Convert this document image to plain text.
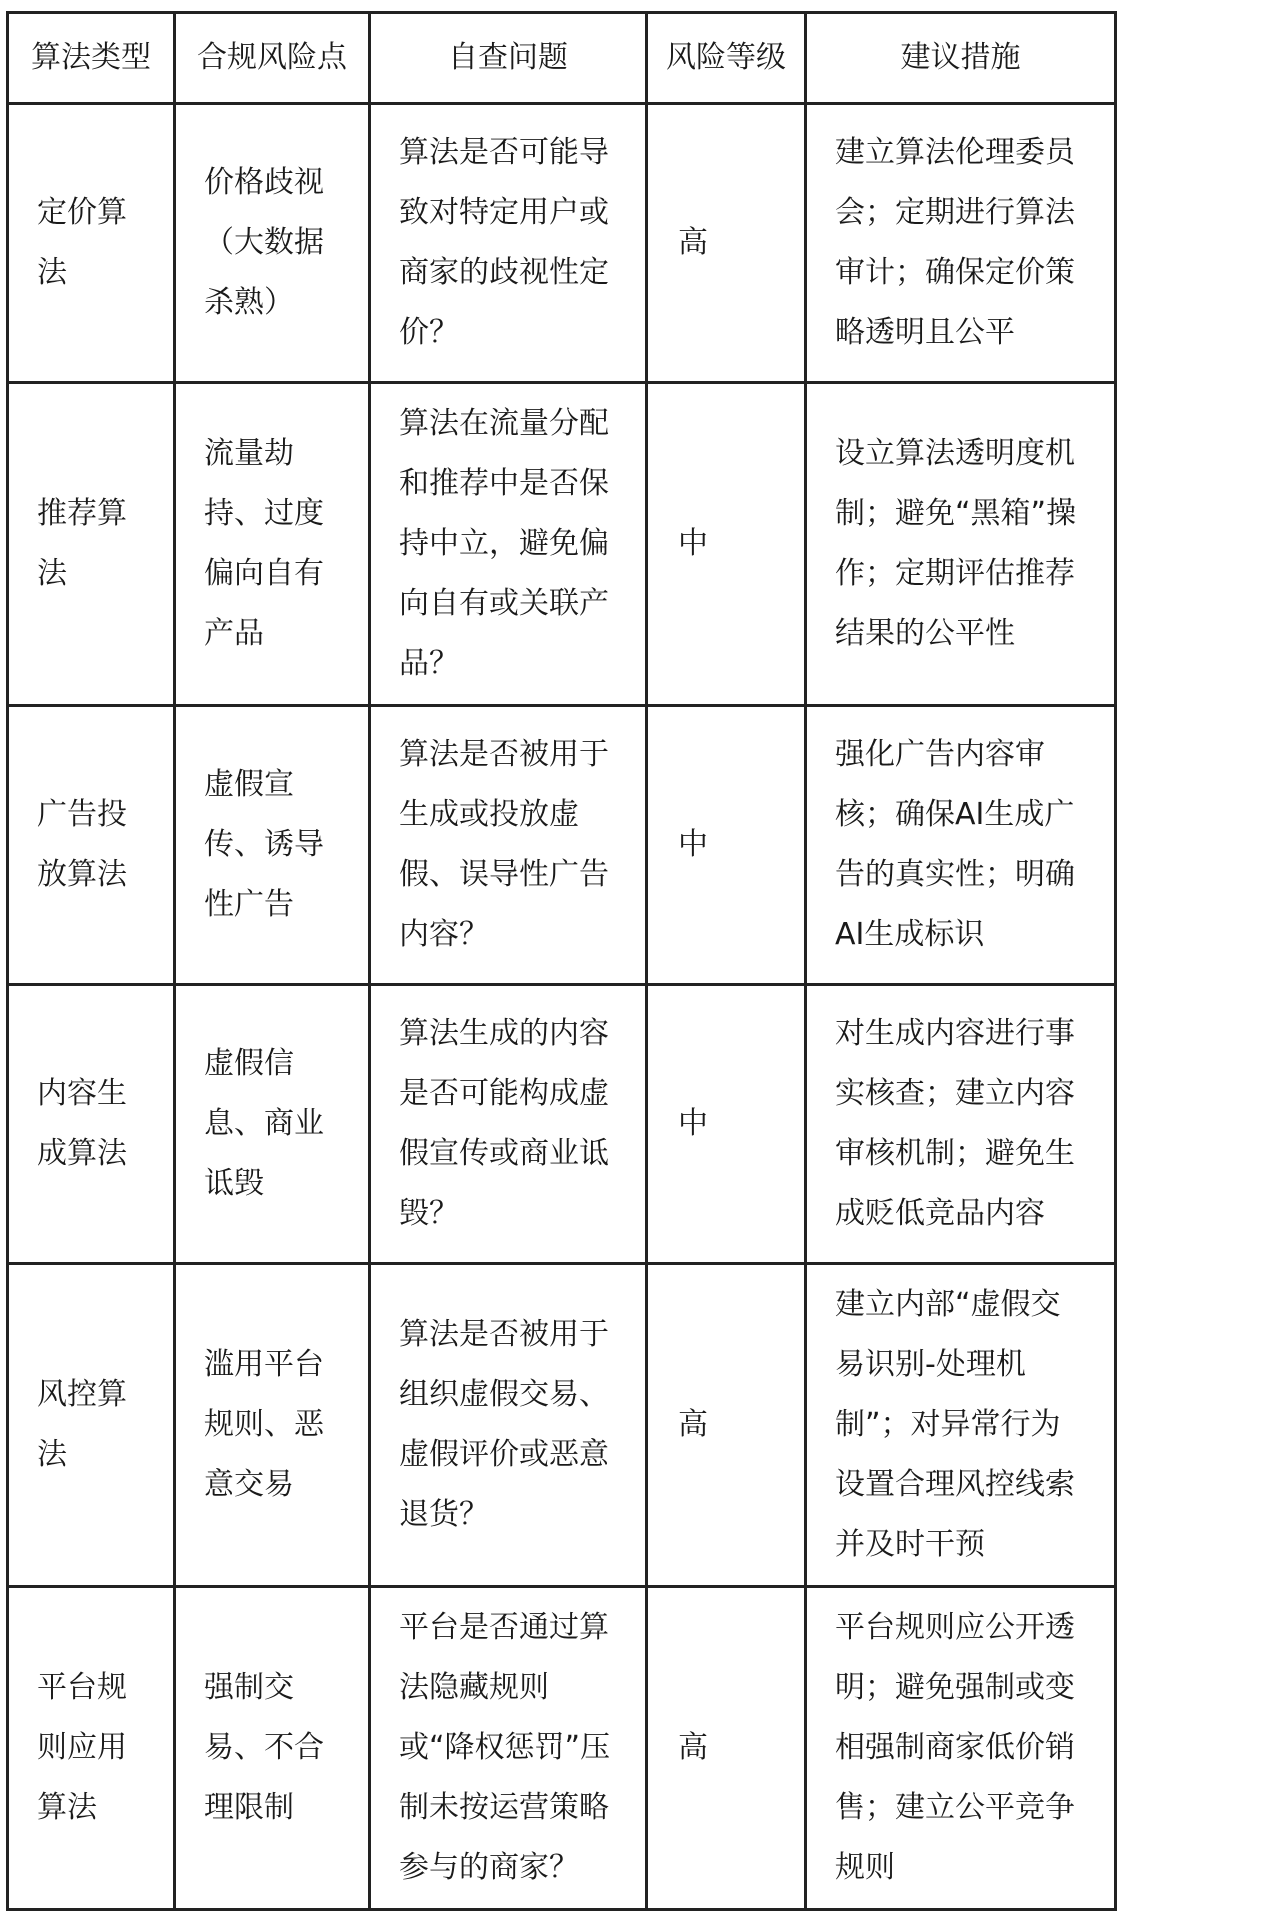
算法类型	合规风险点	自查问题	风险等级	建议措施
定价算法	价格歧视（大数据杀熟）	算法是否可能导致对特定用户或商家的歧视性定价？	高	建立算法伦理委员会；定期进行算法审计；确保定价策略透明且公平
推荐算法	流量劫持、过度偏向自有产品	算法在流量分配和推荐中是否保持中立，避免偏向自有或关联产品？	中	设立算法透明度机制；避免“黑箱”操作；定期评估推荐结果的公平性
广告投放算法	虚假宣传、诱导性广告	算法是否被用于生成或投放虚假、误导性广告内容？	中	强化广告内容审核；确保AI生成广告的真实性；明确AI生成标识
内容生成算法	虚假信息、商业诋毁	算法生成的内容是否可能构成虚假宣传或商业诋毁？	中	对生成内容进行事实核查；建立内容审核机制；避免生成贬低竞品内容
风控算法	滥用平台规则、恶意交易	算法是否被用于组织虚假交易、虚假评价或恶意退货？	高	建立内部“虚假交易识别-处理机制”；对异常行为设置合理风控线索并及时干预
平台规则应用算法	强制交易、不合理限制	平台是否通过算法隐藏规则或“降权惩罚”压制未按运营策略参与的商家？	高	平台规则应公开透明；避免强制或变相强制商家低价销售；建立公平竞争规则
